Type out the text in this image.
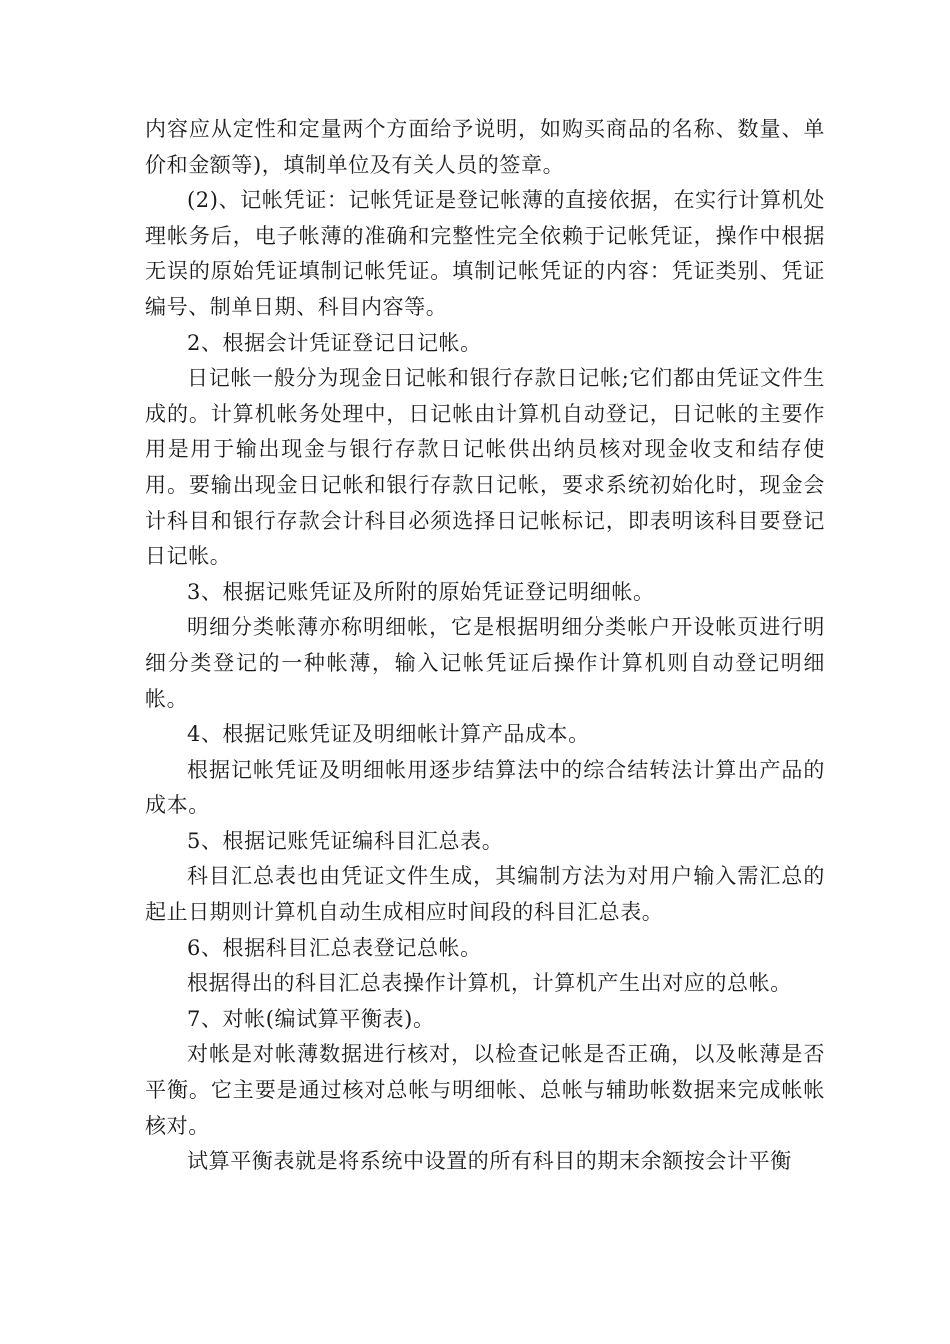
内容应从定性和定量两个方面给予说明，如购买商品的名称、数量、单价和金额等)，填制单位及有关人员的签章。

(2)、记帐凭证：记帐凭证是登记帐薄的直接依据，在实行计算机处理帐务后，电子帐薄的准确和完整性完全依赖于记帐凭证，操作中根据无误的原始凭证填制记帐凭证。填制记帐凭证的内容：凭证类别、凭证编号、制单日期、科目内容等。

2、根据会计凭证登记日记帐。

日记帐一般分为现金日记帐和银行存款日记帐;它们都由凭证文件生成的。计算机帐务处理中，日记帐由计算机自动登记，日记帐的主要作用是用于输出现金与银行存款日记帐供出纳员核对现金收支和结存使用。要输出现金日记帐和银行存款日记帐，要求系统初始化时，现金会计科目和银行存款会计科目必须选择日记帐标记，即表明该科目要登记日记帐。

3、根据记账凭证及所附的原始凭证登记明细帐。

明细分类帐薄亦称明细帐，它是根据明细分类帐户开设帐页进行明细分类登记的一种帐薄，输入记帐凭证后操作计算机则自动登记明细帐。

4、根据记账凭证及明细帐计算产品成本。

根据记帐凭证及明细帐用逐步结算法中的综合结转法计算出产品的成本。

5、根据记账凭证编科目汇总表。

科目汇总表也由凭证文件生成，其编制方法为对用户输入需汇总的起止日期则计算机自动生成相应时间段的科目汇总表。

6、根据科目汇总表登记总帐。

根据得出的科目汇总表操作计算机，计算机产生出对应的总帐。

7、对帐(编试算平衡表)。

对帐是对帐薄数据进行核对，以检查记帐是否正确，以及帐薄是否平衡。它主要是通过核对总帐与明细帐、总帐与辅助帐数据来完成帐帐核对。

试算平衡表就是将系统中设置的所有科目的期末余额按会计平衡
